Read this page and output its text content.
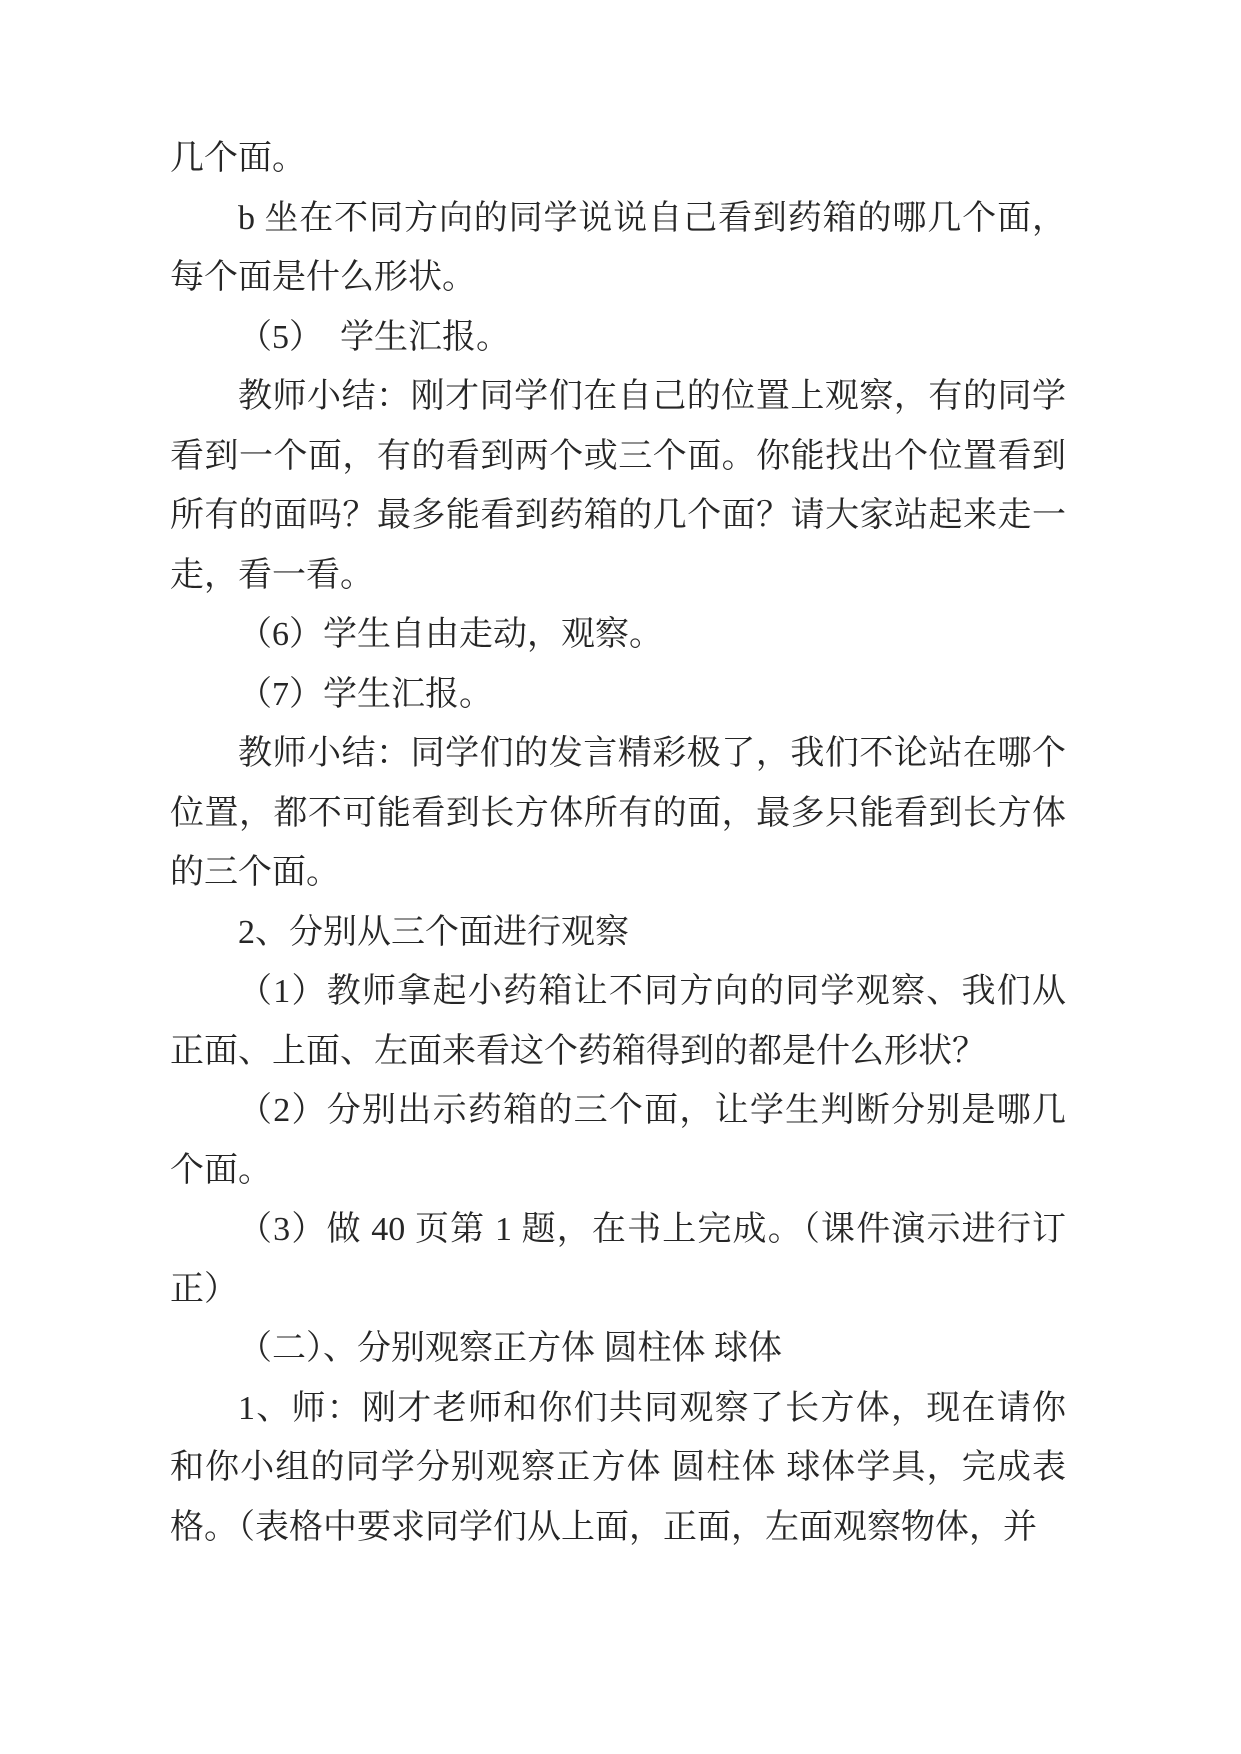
几个面。

b 坐在不同方向的同学说说自己看到药箱的哪几个面，每个面是什么形状。

（5）　学生汇报。

教师小结：刚才同学们在自己的位置上观察，有的同学看到一个面，有的看到两个或三个面。你能找出个位置看到所有的面吗？最多能看到药箱的几个面？请大家站起来走一走，看一看。

（6）学生自由走动，观察。

（7）学生汇报。

教师小结：同学们的发言精彩极了，我们不论站在哪个位置，都不可能看到长方体所有的面，最多只能看到长方体的三个面。

2、分别从三个面进行观察

（1）教师拿起小药箱让不同方向的同学观察、我们从正面、上面、左面来看这个药箱得到的都是什么形状？

（2）分别出示药箱的三个面，让学生判断分别是哪几个面。

（3）做 40 页第 1 题，在书上完成。（课件演示进行订正）

（二）、分别观察正方体 圆柱体 球体

1、师：刚才老师和你们共同观察了长方体，现在请你和你小组的同学分别观察正方体 圆柱体 球体学具，完成表格。（表格中要求同学们从上面，正面，左面观察物体，并
